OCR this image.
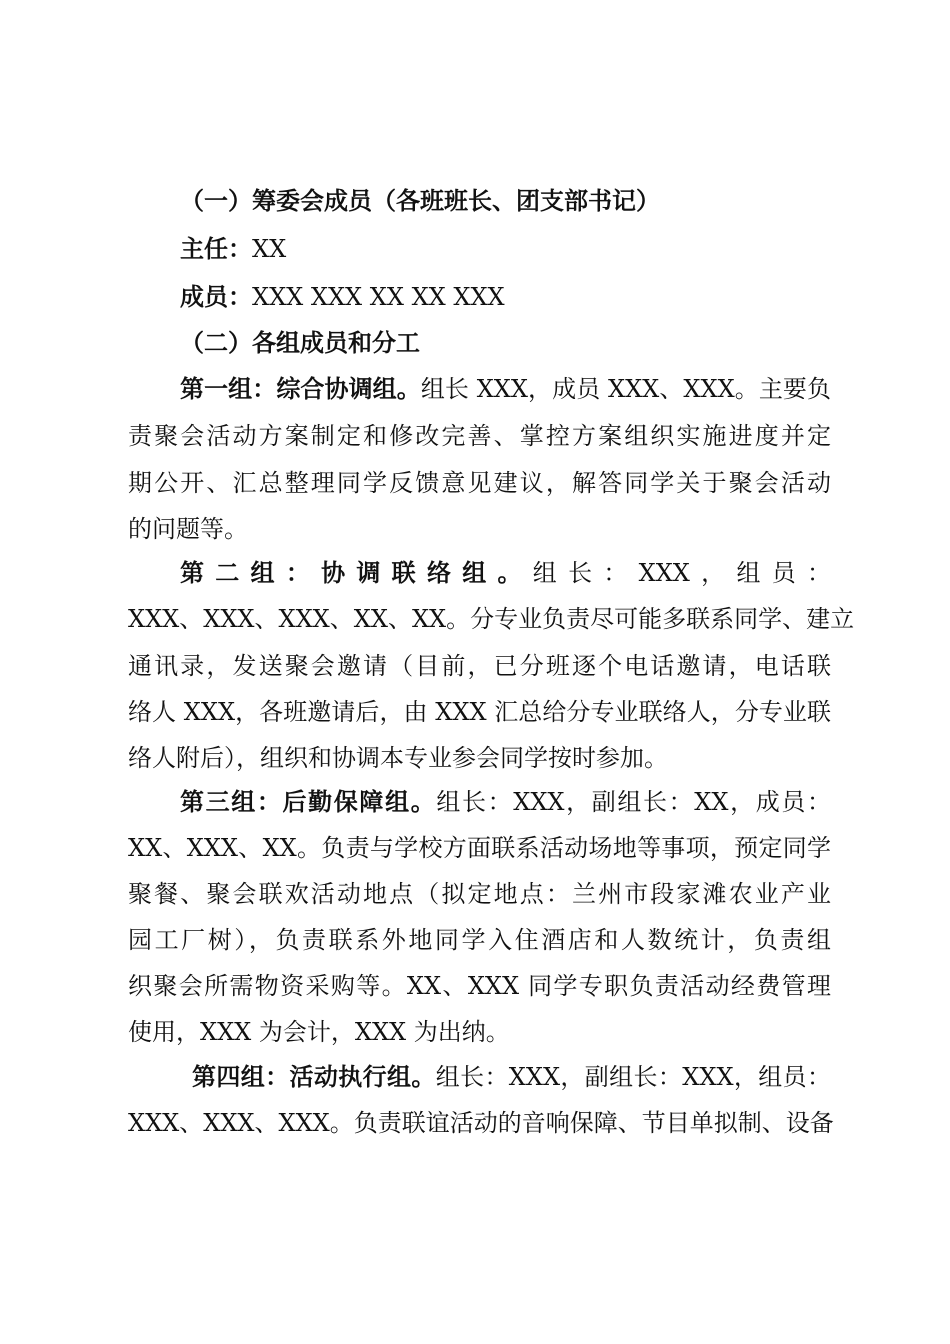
（一）筹委会成员（各班班长、团支部书记）
主任：XX
成员：XXX XXX XX XX XXX
（二）各组成员和分工
第一组：综合协调组。组长 XXX，成员 XXX、XXX。主要负
责聚会活动方案制定和修改完善、掌控方案组织实施进度并定
期公开、汇总整理同学反馈意见建议，解答同学关于聚会活动
的问题等。
第二组：协调联络组。组长：XXX，组员：
XXX、XXX、XXX、XX、XX。分专业负责尽可能多联系同学、建立
通讯录，发送聚会邀请（目前，已分班逐个电话邀请，电话联
络人 XXX，各班邀请后，由 XXX 汇总给分专业联络人，分专业联
络人附后），组织和协调本专业参会同学按时参加。
第三组：后勤保障组。组长：XXX，副组长：XX，成员：
XX、XXX、XX。负责与学校方面联系活动场地等事项，预定同学
聚餐、聚会联欢活动地点（拟定地点：兰州市段家滩农业产业
园工厂树），负责联系外地同学入住酒店和人数统计，负责组
织聚会所需物资采购等。XX、XXX 同学专职负责活动经费管理
使用，XXX 为会计，XXX 为出纳。
第四组：活动执行组。组长：XXX，副组长：XXX，组员：
XXX、XXX、XXX。负责联谊活动的音响保障、节目单拟制、设备
